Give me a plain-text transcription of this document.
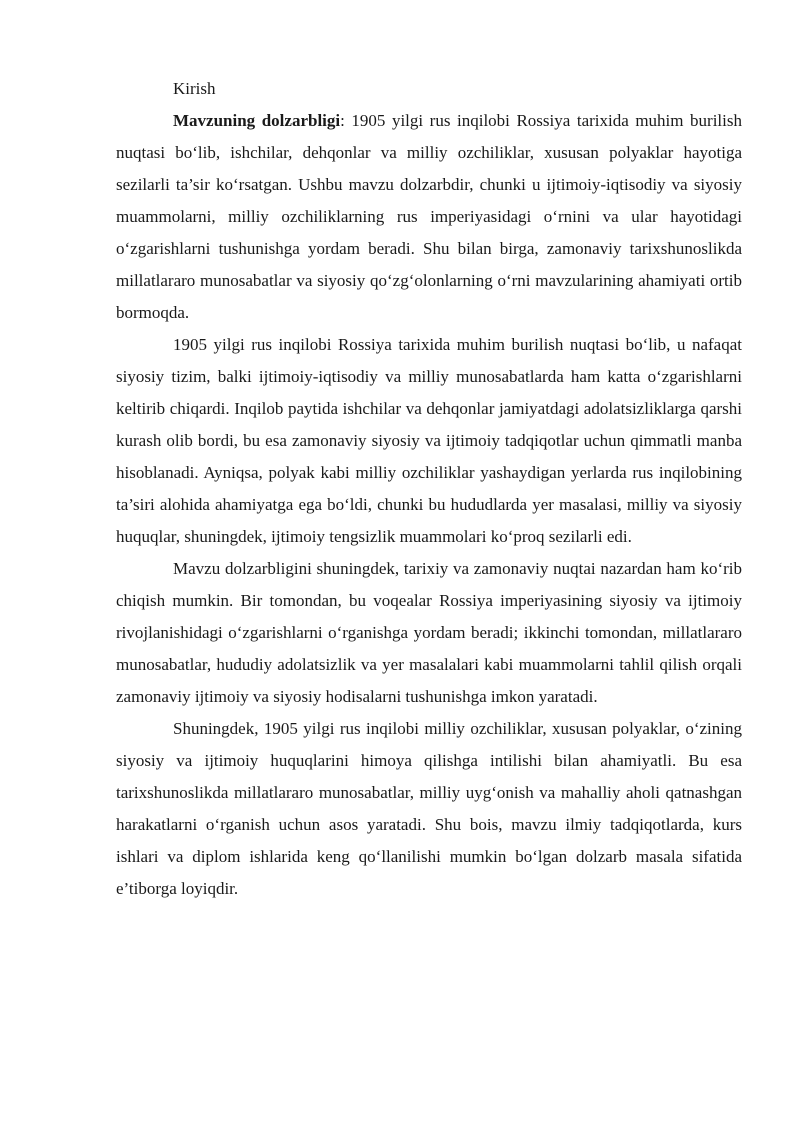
Kirish

Mavzuning dolzarbligi: 1905 yilgi rus inqilobi Rossiya tarixida muhim burilish nuqtasi bo‘lib, ishchilar, dehqonlar va milliy ozchiliklar, xususan polyaklar hayotiga sezilarli ta’sir ko‘rsatgan. Ushbu mavzu dolzarbdir, chunki u ijtimoiy-iqtisodiy va siyosiy muammolarni, milliy ozchiliklarning rus imperiyasidagi o‘rnini va ular hayotidagi o‘zgarishlarni tushunishga yordam beradi. Shu bilan birga, zamonaviy tarixshunoslikda millatlararo munosabatlar va siyosiy qo‘zg‘olonlarning o‘rni mavzularining ahamiyati ortib bormoqda.

1905 yilgi rus inqilobi Rossiya tarixida muhim burilish nuqtasi bo‘lib, u nafaqat siyosiy tizim, balki ijtimoiy-iqtisodiy va milliy munosabatlarda ham katta o‘zgarishlarni keltirib chiqardi. Inqilob paytida ishchilar va dehqonlar jamiyatdagi adolatsizliklarga qarshi kurash olib bordi, bu esa zamonaviy siyosiy va ijtimoiy tadqiqotlar uchun qimmatli manba hisoblanadi. Ayniqsa, polyak kabi milliy ozchiliklar yashaydigan yerlarda rus inqilobining ta’siri alohida ahamiyatga ega bo‘ldi, chunki bu hududlarda yer masalasi, milliy va siyosiy huquqlar, shuningdek, ijtimoiy tengsizlik muammolari ko‘proq sezilarli edi.

Mavzu dolzarbligini shuningdek, tarixiy va zamonaviy nuqtai nazardan ham ko‘rib chiqish mumkin. Bir tomondan, bu voqealar Rossiya imperiyasining siyosiy va ijtimoiy rivojlanishidagi o‘zgarishlarni o‘rganishga yordam beradi; ikkinchi tomondan, millatlararo munosabatlar, hududiy adolatsizlik va yer masalalari kabi muammolarni tahlil qilish orqali zamonaviy ijtimoiy va siyosiy hodisalarni tushunishga imkon yaratadi.

Shuningdek, 1905 yilgi rus inqilobi milliy ozchiliklar, xususan polyaklar, o‘zining siyosiy va ijtimoiy huquqlarini himoya qilishga intilishi bilan ahamiyatli. Bu esa tarixshunoslikda millatlararo munosabatlar, milliy uyg‘onish va mahalliy aholi qatnashgan harakatlarni o‘rganish uchun asos yaratadi. Shu bois, mavzu ilmiy tadqiqotlarda, kurs ishlari va diplom ishlarida keng qo‘llanilishi mumkin bo‘lgan dolzarb masala sifatida e’tiborga loyiqdir.
